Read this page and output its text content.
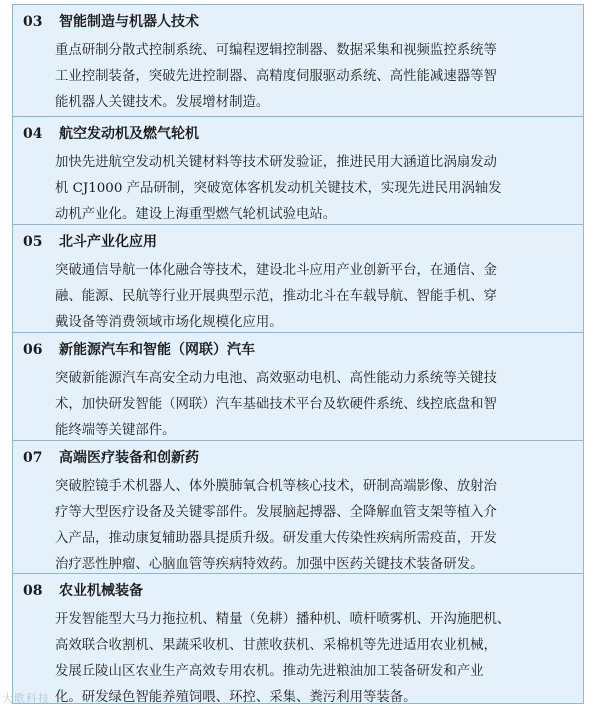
03 智能制造与机器人技术
重点研制分散式控制系统、可编程逻辑控制器、数据采集和视频监控系统等
工业控制装备，突破先进控制器、高精度伺服驱动系统、高性能减速器等智
能机器人关键技术。发展增材制造。
04 航空发动机及燃气轮机
加快先进航空发动机关键材料等技术研发验证，推进民用大涵道比涡扇发动
机 CJ1000 产品研制，突破宽体客机发动机关键技术，实现先进民用涡轴发
动机产业化。建设上海重型燃气轮机试验电站。
05 北斗产业化应用
突破通信导航一体化融合等技术，建设北斗应用产业创新平台，在通信、金
融、能源、民航等行业开展典型示范，推动北斗在车载导航、智能手机、穿
戴设备等消费领域市场化规模化应用。
06 新能源汽车和智能（网联）汽车
突破新能源汽车高安全动力电池、高效驱动电机、高性能动力系统等关键技
术，加快研发智能（网联）汽车基础技术平台及软硬件系统、线控底盘和智
能终端等关键部件。
07 高端医疗装备和创新药
突破腔镜手术机器人、体外膜肺氧合机等核心技术，研制高端影像、放射治
疗等大型医疗设备及关键零部件。发展脑起搏器、全降解血管支架等植入介
入产品，推动康复辅助器具提质升级。研发重大传染性疾病所需疫苗，开发
治疗恶性肿瘤、心脑血管等疾病特效药。加强中医药关键技术装备研发。
08 农业机械装备
开发智能型大马力拖拉机、精量（免耕）播种机、喷杆喷雾机、开沟施肥机、
高效联合收割机、果蔬采收机、甘蔗收获机、采棉机等先进适用农业机械，
发展丘陵山区农业生产高效专用农机。推动先进粮油加工装备研发和产业
化。研发绿色智能养殖饲喂、环控、采集、粪污利用等装备。
大歌科技
